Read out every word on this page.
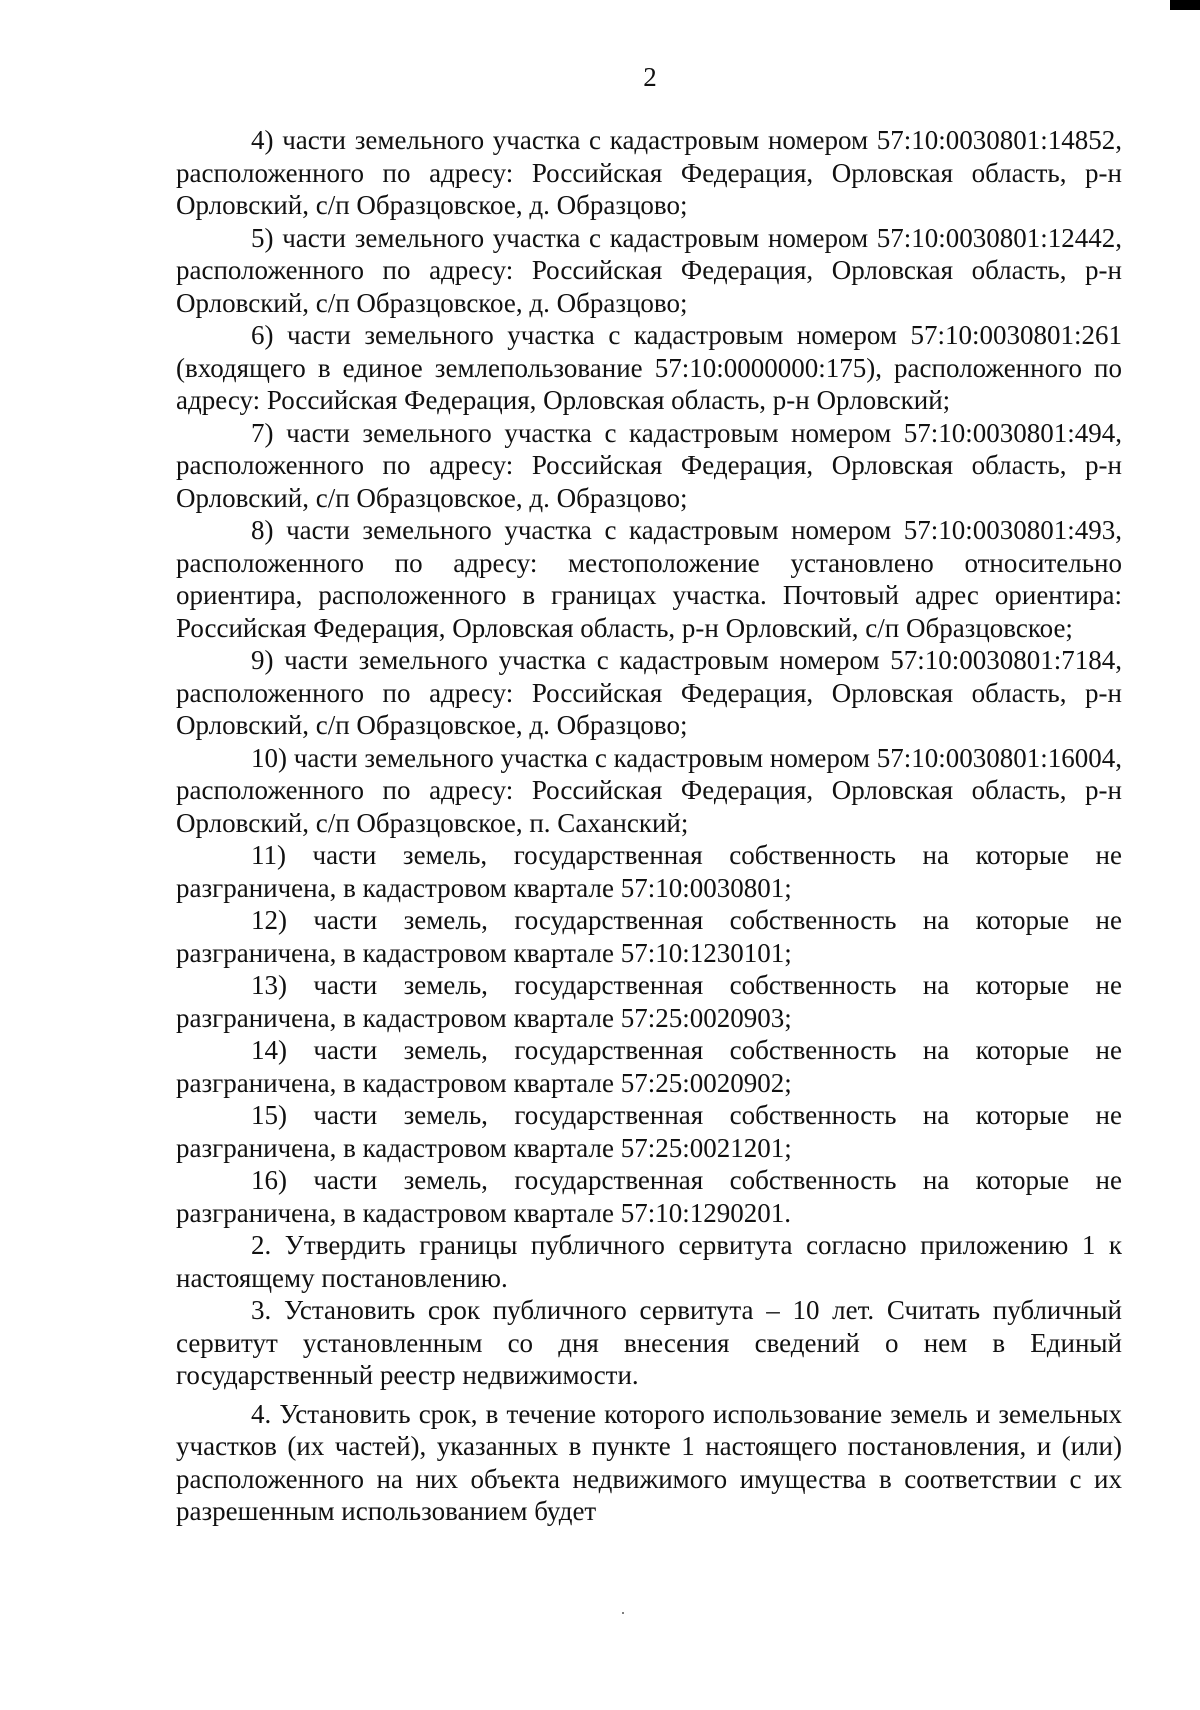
2

4) части земельного участка с кадастровым номером 57:10:0030801:14852, расположенного по адресу: Российская Федерация, Орловская область, р-н Орловский, с/п Образцовское, д. Образцово;

5) части земельного участка с кадастровым номером 57:10:0030801:12442, расположенного по адресу: Российская Федерация, Орловская область, р-н Орловский, с/п Образцовское, д. Образцово;

6) части земельного участка с кадастровым номером 57:10:0030801:261 (входящего в единое землепользование 57:10:0000000:175), расположенного по адресу: Российская Федерация, Орловская область, р-н Орловский;

7) части земельного участка с кадастровым номером 57:10:0030801:494, расположенного по адресу: Российская Федерация, Орловская область, р-н Орловский, с/п Образцовское, д. Образцово;

8) части земельного участка с кадастровым номером 57:10:0030801:493, расположенного по адресу: местоположение установлено относительно ориентира, расположенного в границах участка. Почтовый адрес ориентира: Российская Федерация, Орловская область, р-н Орловский, с/п Образцовское;

9) части земельного участка с кадастровым номером 57:10:0030801:7184, расположенного по адресу: Российская Федерация, Орловская область, р-н Орловский, с/п Образцовское, д. Образцово;

10) части земельного участка с кадастровым номером 57:10:0030801:16004, расположенного по адресу: Российская Федерация, Орловская область, р-н Орловский, с/п Образцовское, п. Саханский;

11) части земель, государственная собственность на которые не разграничена, в кадастровом квартале 57:10:0030801;

12) части земель, государственная собственность на которые не разграничена, в кадастровом квартале 57:10:1230101;

13) части земель, государственная собственность на которые не разграничена, в кадастровом квартале 57:25:0020903;

14) части земель, государственная собственность на которые не разграничена, в кадастровом квартале 57:25:0020902;

15) части земель, государственная собственность на которые не разграничена, в кадастровом квартале 57:25:0021201;

16) части земель, государственная собственность на которые не разграничена, в кадастровом квартале 57:10:1290201.

2. Утвердить границы публичного сервитута согласно приложению 1 к настоящему постановлению.

3. Установить срок публичного сервитута – 10 лет. Считать публичный сервитут установленным со дня внесения сведений о нем в Единый государственный реестр недвижимости.

4. Установить срок, в течение которого использование земель и земельных участков (их частей), указанных в пункте 1 настоящего постановления, и (или) расположенного на них объекта недвижимого имущества в соответствии с их разрешенным использованием будет
